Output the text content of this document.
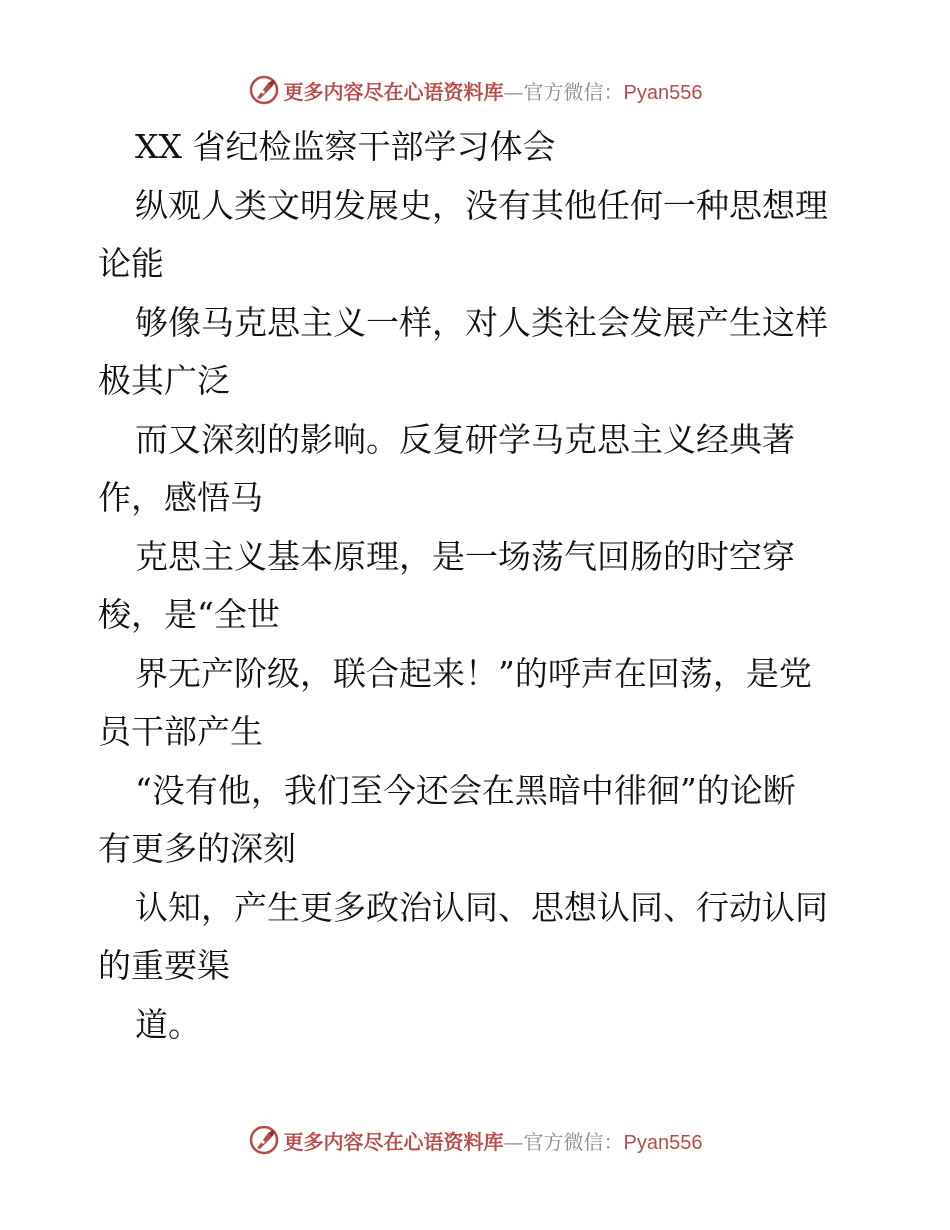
更多内容尽在心语资料库—官方微信：Pyan556
XX 省纪检监察干部学习体会
纵观人类文明发展史，没有其他任何一种思想理
论能
够像马克思主义一样，对人类社会发展产生这样
极其广泛
而又深刻的影响。反复研学马克思主义经典著
作，感悟马
克思主义基本原理，是一场荡气回肠的时空穿
梭，是“全世
界无产阶级，联合起来！”的呼声在回荡，是党
员干部产生
“没有他，我们至今还会在黑暗中徘徊”的论断
有更多的深刻
认知，产生更多政治认同、思想认同、行动认同
的重要渠
道。
更多内容尽在心语资料库—官方微信：Pyan556
